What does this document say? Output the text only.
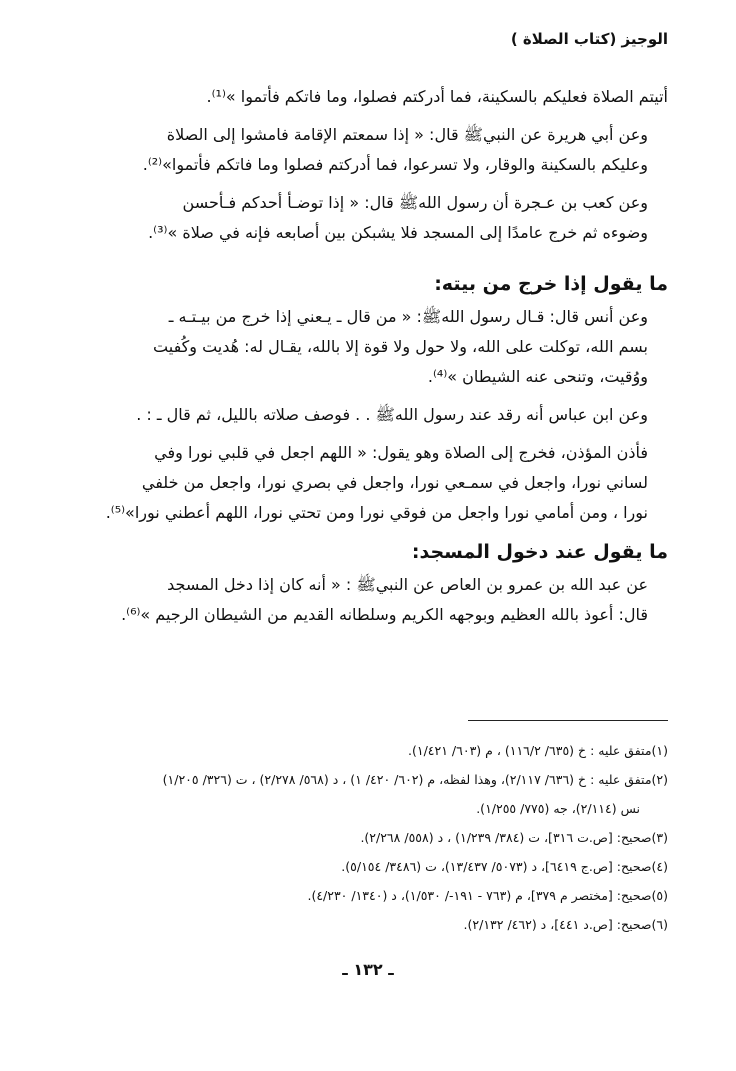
الوجيز (كتاب الصلاة )

أتيتم الصلاة فعليكم بالسكينة، فما أدركتم فصلوا، وما فاتكم فأتموا »⁽¹⁾.

وعن أبي هريرة عن النبيﷺ قال: « إذا سمعتم الإقامة فامشوا إلى الصلاة
وعليكم بالسكينة والوقار، ولا تسرعوا، فما أدركتم فصلوا وما فاتكم فأتموا»⁽²⁾.

وعن كعب بن عـجرة أن رسول اللهﷺ قال: « إذا توضـأ أحدكم فـأحسن
وضوءه ثم خرج عامدًا إلى المسجد فلا يشبكن بين أصابعه فإنه في صلاة »⁽³⁾.

ما يقول إذا خرج من بيته:

وعن أنس قال: قـال رسول اللهﷺ: « من قال ـ يـعني إذا خرج من بيـتـه ـ
بسم الله، توكلت على الله، ولا حول ولا قوة إلا بالله، يقـال له: هُديت وكُفيت
ووُقيت، وتنحى عنه الشيطان »⁽⁴⁾.

وعن ابن عباس أنه رقد عند رسول اللهﷺ . . فوصف صلاته بالليل، ثم قال ـ : .

فأذن المؤذن، فخرج إلى الصلاة وهو يقول: « اللهم اجعل في قلبي نورا وفي
لساني نورا، واجعل في سمـعي نورا، واجعل في بصري نورا، واجعل من خلفي
نورا ، ومن أمامي نورا واجعل من فوقي نورا ومن تحتي نورا، اللهم أعطني نورا»⁽⁵⁾.

ما يقول عند دخول المسجد:

عن عبد الله بن عمرو بن العاص عن النبيﷺ : « أنه كان إذا دخل المسجد
قال: أعوذ بالله العظيم وبوجهه الكريم وسلطانه القديم من الشيطان الرجيم »⁽⁶⁾.

(١)متفق عليه : خ (٦٣٥/ ١١٦/٢) ، م (٦٠٣/ ١/٤٢١).
(٢)متفق عليه : خ (٦٣٦/ ٢/١١٧)، وهذا لفظه، م (٦٠٢/ ٤٢٠/ ١) ، د (٥٦٨/ ٢/٢٧٨) ، ت (٣٢٦/ ١/٢٠٥)
نس (٢/١١٤)، جه (٧٧٥/ ١/٢٥٥).
(٣)صحيح: [ص.ت ٣١٦]، ت (٣٨٤/ ١/٢٣٩) ، د (٥٥٨/ ٢/٢٦٨).
(٤)صحيح: [ص.ج ٦٤١٩]، د (٥٠٧٣/ ١٣/٤٣٧)، ت (٣٤٨٦/ ٥/١٥٤).
(٥)صحيح: [مختصر م ٣٧٩]، م (٧٦٣ - ١٩١-/ ١/٥٣٠)، د (١٣٤٠/ ٤/٢٣٠).
(٦)صحيح: [ص.د ٤٤١]، د (٤٦٢/ ٢/١٣٢).
ـ ١٣٢ ـ
